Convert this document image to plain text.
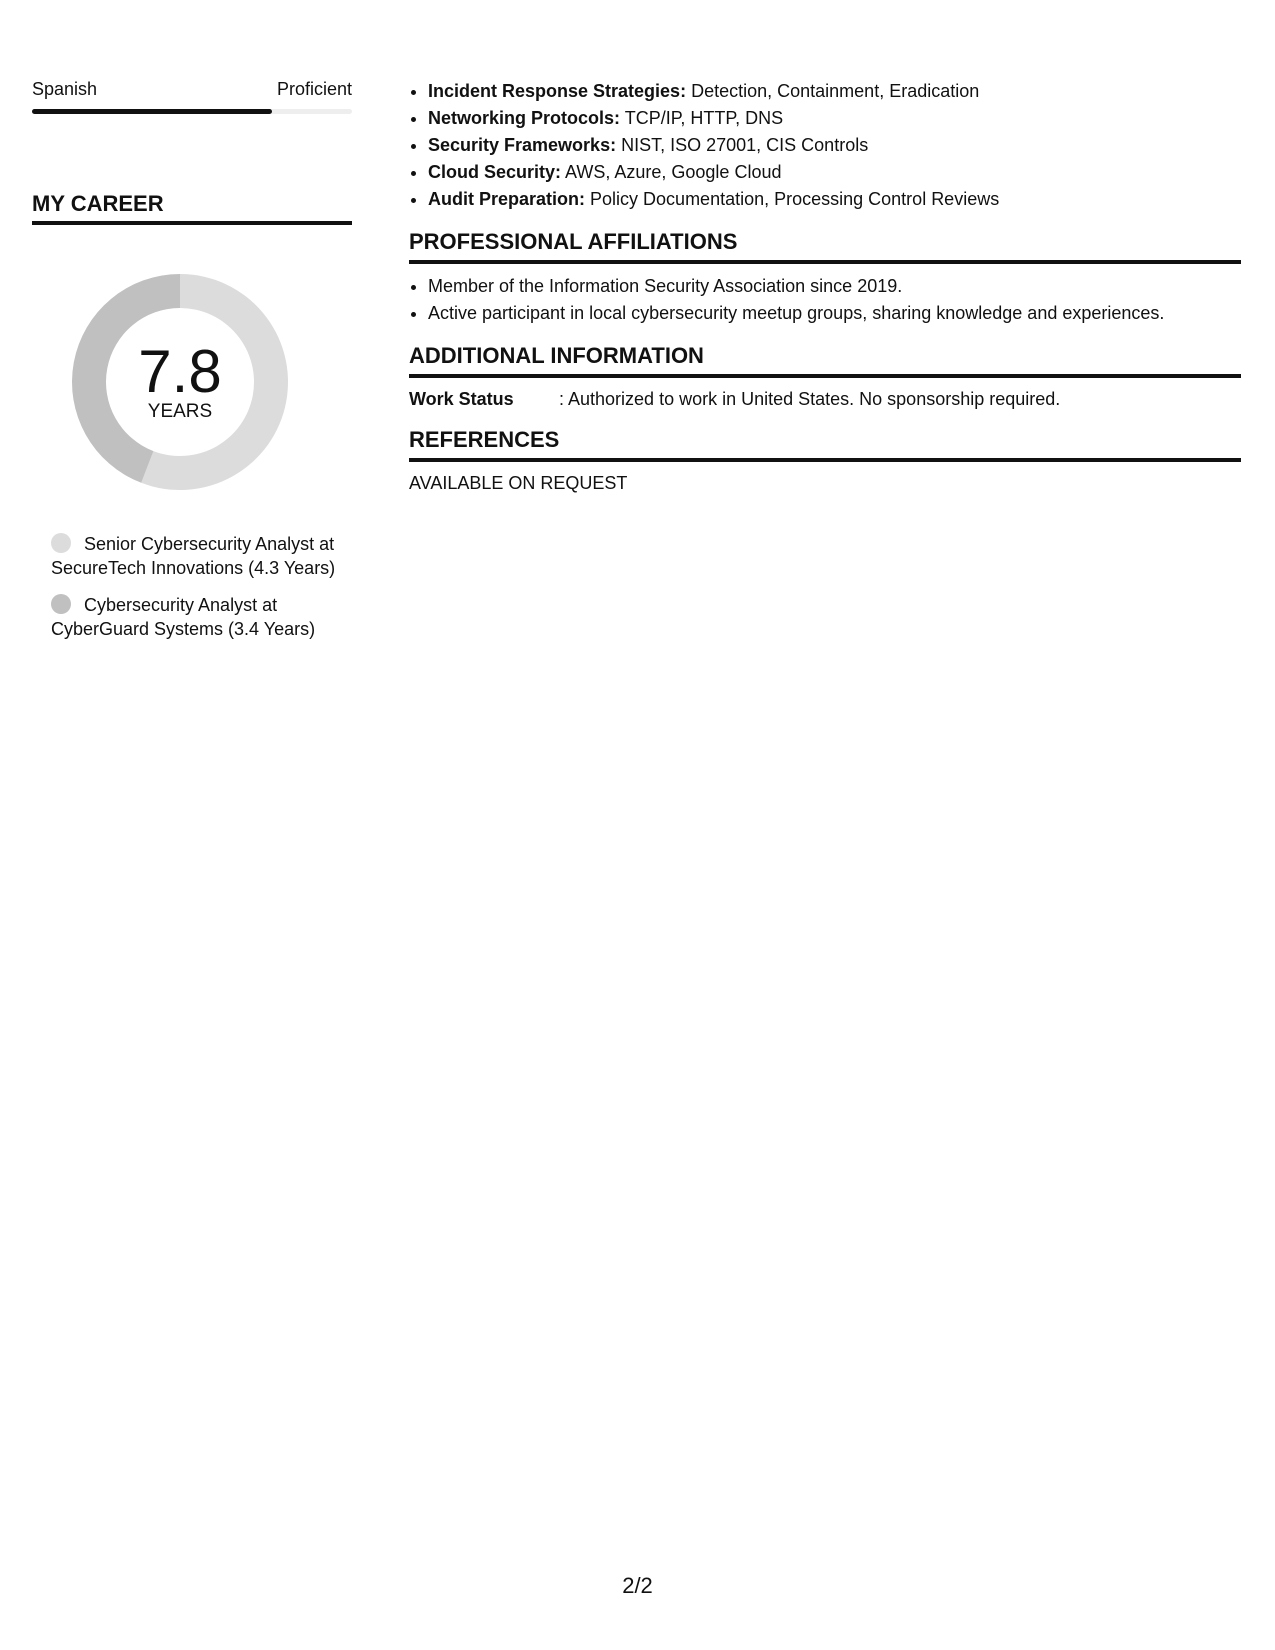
Spanish	Proficient
MY CAREER
7.8
YEARS
Senior Cybersecurity Analyst at SecureTech Innovations (4.3 Years)
Cybersecurity Analyst at CyberGuard Systems (3.4 Years)
• Incident Response Strategies: Detection, Containment, Eradication
• Networking Protocols: TCP/IP, HTTP, DNS
• Security Frameworks: NIST, ISO 27001, CIS Controls
• Cloud Security: AWS, Azure, Google Cloud
• Audit Preparation: Policy Documentation, Processing Control Reviews
PROFESSIONAL AFFILIATIONS
• Member of the Information Security Association since 2019.
• Active participant in local cybersecurity meetup groups, sharing knowledge and experiences.
ADDITIONAL INFORMATION
Work Status	: Authorized to work in United States. No sponsorship required.
REFERENCES
AVAILABLE ON REQUEST
2/2
